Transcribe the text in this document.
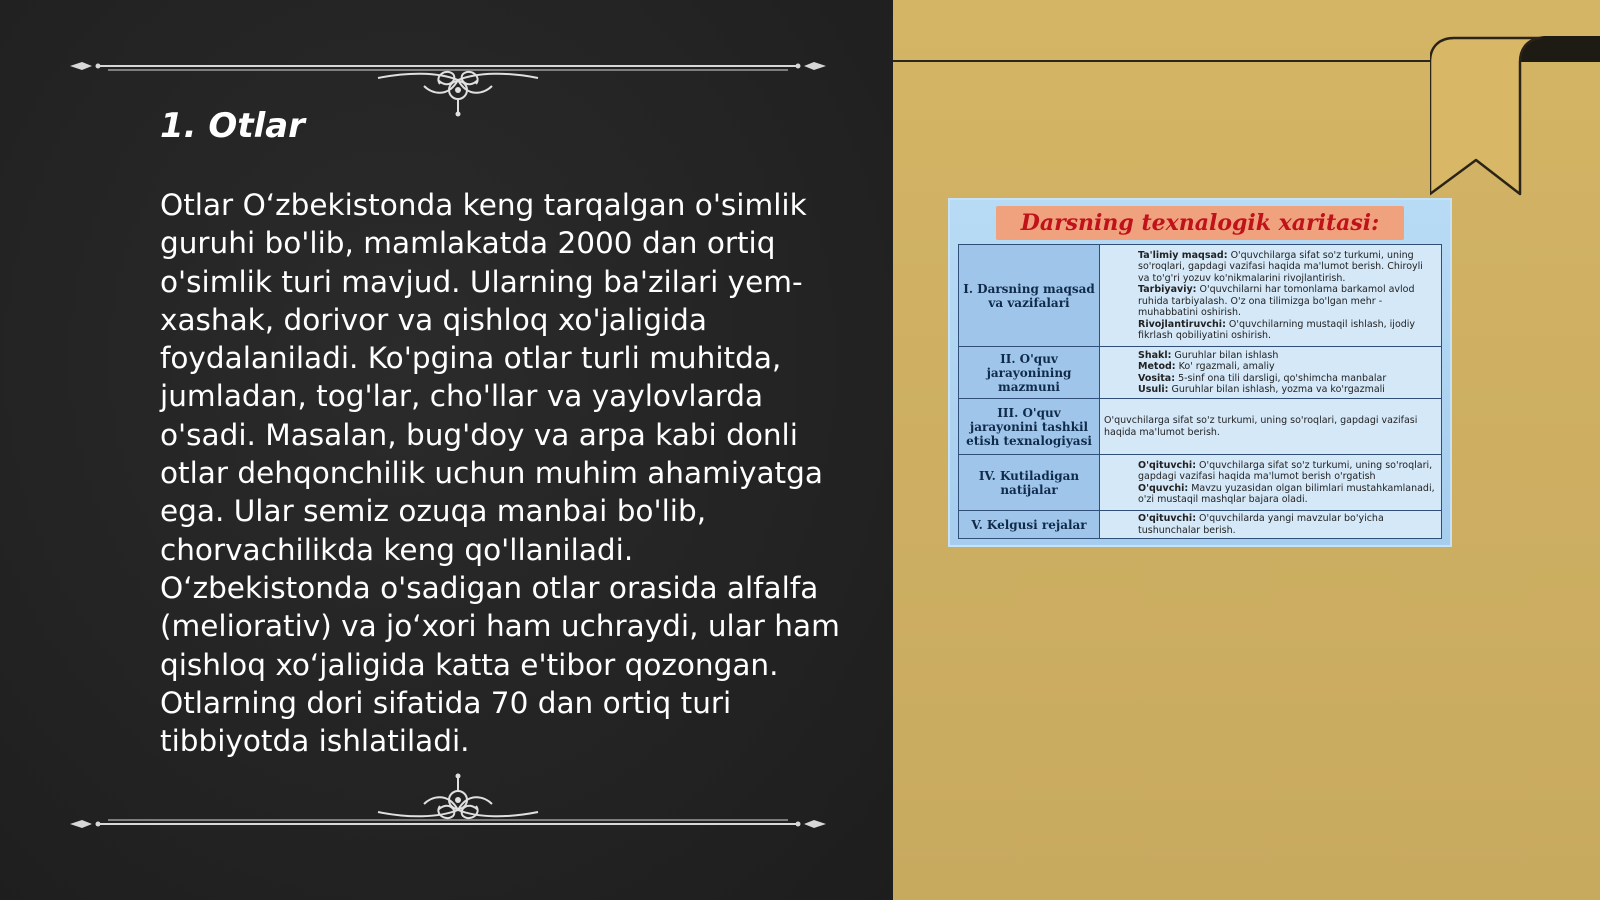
1. Otlar

Otlar O‘zbekistonda keng tarqalgan o'simlik guruhi bo'lib, mamlakatda 2000 dan ortiq o'simlik turi mavjud. Ularning ba'zilari yem-xashak, dorivor va qishloq xo'jaligida foydalaniladi. Ko'pgina otlar turli muhitda, jumladan, tog'lar, cho'llar va yaylovlarda o'sadi. Masalan, bug'doy va arpa kabi donli otlar dehqonchilik uchun muhim ahamiyatga ega. Ular semiz ozuqa manbai bo'lib, chorvachilikda keng qo'llaniladi. O‘zbekistonda o'sadigan otlar orasida alfalfa (meliorativ) va jo‘xori ham uchraydi, ular ham qishloq xo‘jaligida katta e'tibor qozongan. Otlarning dori sifatida 70 dan ortiq turi tibbiyotda ishlatiladi.

Darsning texnalogik xaritasi:
I. Darsning maqsad va vazifalari	Ta'limiy maqsad: O'quvchilarga sifat so'z turkumi, uning so'roqlari, gapdagi vazifasi haqida ma'lumot berish. Chiroyli va to'g'ri yozuv ko'nikmalarini rivojlantirish.
Tarbiyaviy: O'quvchilarni har tomonlama barkamol avlod ruhida tarbiyalash. O'z ona tilimizga bo'lgan mehr - muhabbatini oshirish.
Rivojlantiruvchi: O'quvchilarning mustaqil ishlash, ijodiy fikrlash qobiliyatini oshirish.

II. O'quv jarayonining mazmuni	Shakl: Guruhlar bilan ishlash
Metod: Ko' rgazmali, amaliy
Vosita: 5-sinf ona tili darsligi, qo'shimcha manbalar
Usuli: Guruhlar bilan ishlash, yozma va ko'rgazmali

III. O'quv jarayonini tashkil etish texnalogiyasi	O'quvchilarga sifat so'z turkumi, uning so'roqlari, gapdagi vazifasi haqida ma'lumot berish.

IV. Kutiladigan natijalar	O'qituvchi: O'quvchilarga sifat so'z turkumi, uning so'roqlari, gapdagi vazifasi haqida ma'lumot berish o'rgatish
O'quvchi: Mavzu yuzasidan olgan bilimlari mustahkamlanadi, o'zi mustaqil mashqlar bajara oladi.

V. Kelgusi rejalar	O'qituvchi: O'quvchilarda yangi mavzular bo'yicha tushunchalar berish.
